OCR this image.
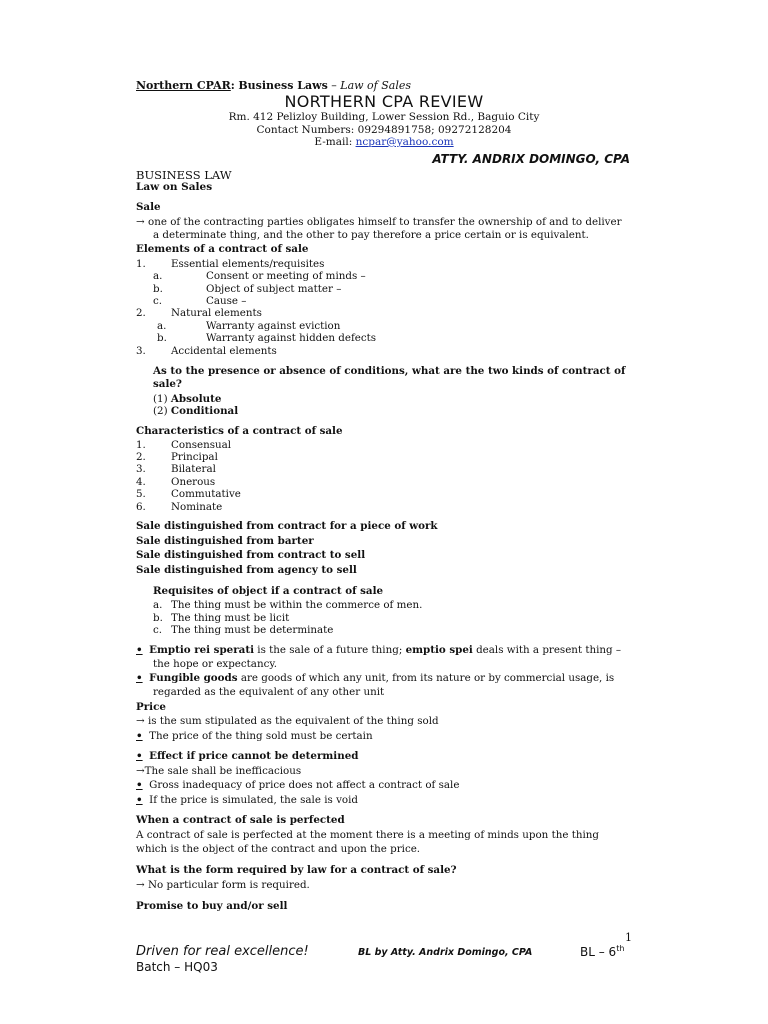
Northern CPAR: Business Laws – Law of Sales
NORTHERN CPA REVIEW
Rm. 412 Pelizloy Building, Lower Session Rd., Baguio City
Contact Numbers: 09294891758; 09272128204
E-mail: ncpar@yahoo.com
ATTY. ANDRIX DOMINGO, CPA
BUSINESS LAW
Law on Sales
Sale
→ one of the contracting parties obligates himself to transfer the ownership of and to deliver
a determinate thing, and the other to pay therefore a price certain or is equivalent.
Elements of a contract of sale
1. Essential elements/requisites
a.	Consent or meeting of minds –
b.	Object of subject matter –
c.	Cause –
2. Natural elements
a.	Warranty against eviction
b.	Warranty against hidden defects
3. Accidental elements
As to the presence or absence of conditions, what are the two kinds of contract of
sale?
(1) Absolute
(2) Conditional
Characteristics of a contract of sale
1. Consensual
2. Principal
3. Bilateral
4. Onerous
5. Commutative
6. Nominate
Sale distinguished from contract for a piece of work
Sale distinguished from barter
Sale distinguished from contract to sell
Sale distinguished from agency to sell
Requisites of object if a contract of sale
a. The thing must be within the commerce of men.
b. The thing must be licit
c. The thing must be determinate
• Emptio rei sperati is the sale of a future thing; emptio spei deals with a present thing –
the hope or expectancy.
• Fungible goods are goods of which any unit, from its nature or by commercial usage, is
regarded as the equivalent of any other unit
Price
→ is the sum stipulated as the equivalent of the thing sold
• The price of the thing sold must be certain
• Effect if price cannot be determined
→The sale shall be inefficacious
• Gross inadequacy of price does not affect a contract of sale
• If the price is simulated, the sale is void
When a contract of sale is perfected
A contract of sale is perfected at the moment there is a meeting of minds upon the thing
which is the object of the contract and upon the price.
What is the form required by law for a contract of sale?
→ No particular form is required.
Promise to buy and/or sell
1
Driven for real excellence!	BL by Atty. Andrix Domingo, CPA	BL – 6th
Batch – HQ03
